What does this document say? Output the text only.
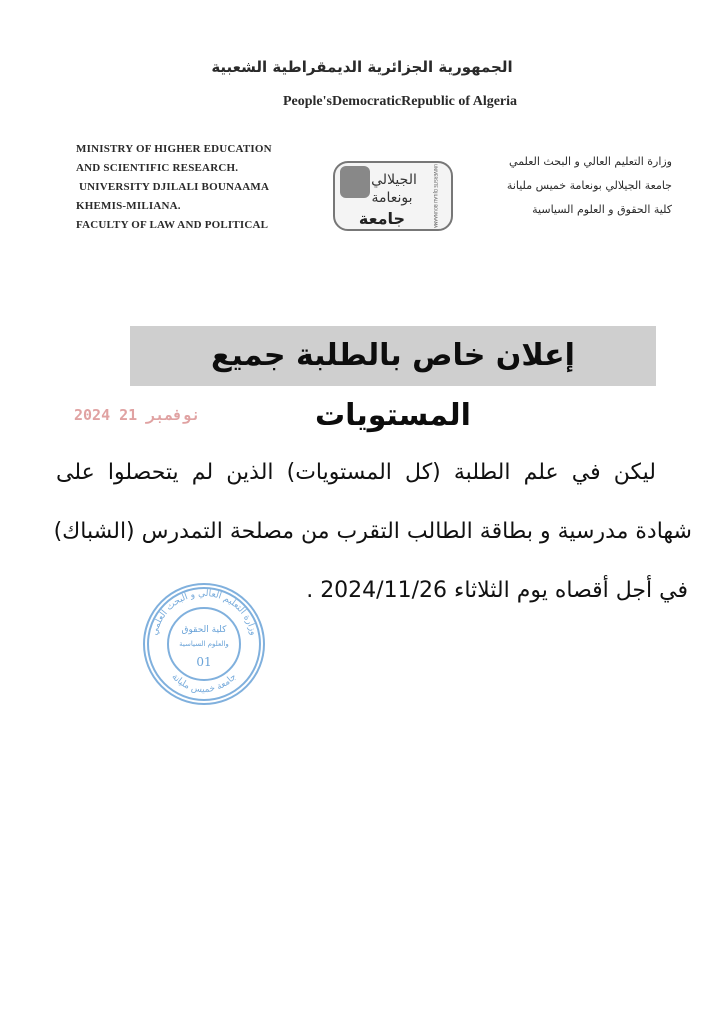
الجمهورية الجزائرية الديمقراطية الشعبية
People'sDemocraticRepublic of Algeria
MINISTRY OF HIGHER EDUCATION
AND SCIENTIFIC RESEARCH.
UNIVERSITY DJILALI BOUNAAMA
KHEMIS-MILIANA.
FACULTY OF LAW AND POLITICAL
وزارة التعليم العالي و البحث العلمي
جامعة الجيلالي بونعامة خميس مليانة
كلية الحقوق و العلوم السياسية
الجيلالي
بونعامة
جامعة	UNIVERSITE DJILALI BOUNAAMA
إعلان خاص بالطلبة جميع المستويات
2024 نوفمبر 21
ليكن في علم الطلبة (كل المستويات) الذين لم يتحصلوا على
شهادة مدرسية و بطاقة الطالب التقرب من مصلحة التمدرس (الشباك)
في أجل أقصاه يوم الثلاثاء 2024/11/26 .
وزارة التعليم العالي و البحث العلمي
جامعة خميس مليانة
كلية الحقوق
والعلوم السياسية
01
